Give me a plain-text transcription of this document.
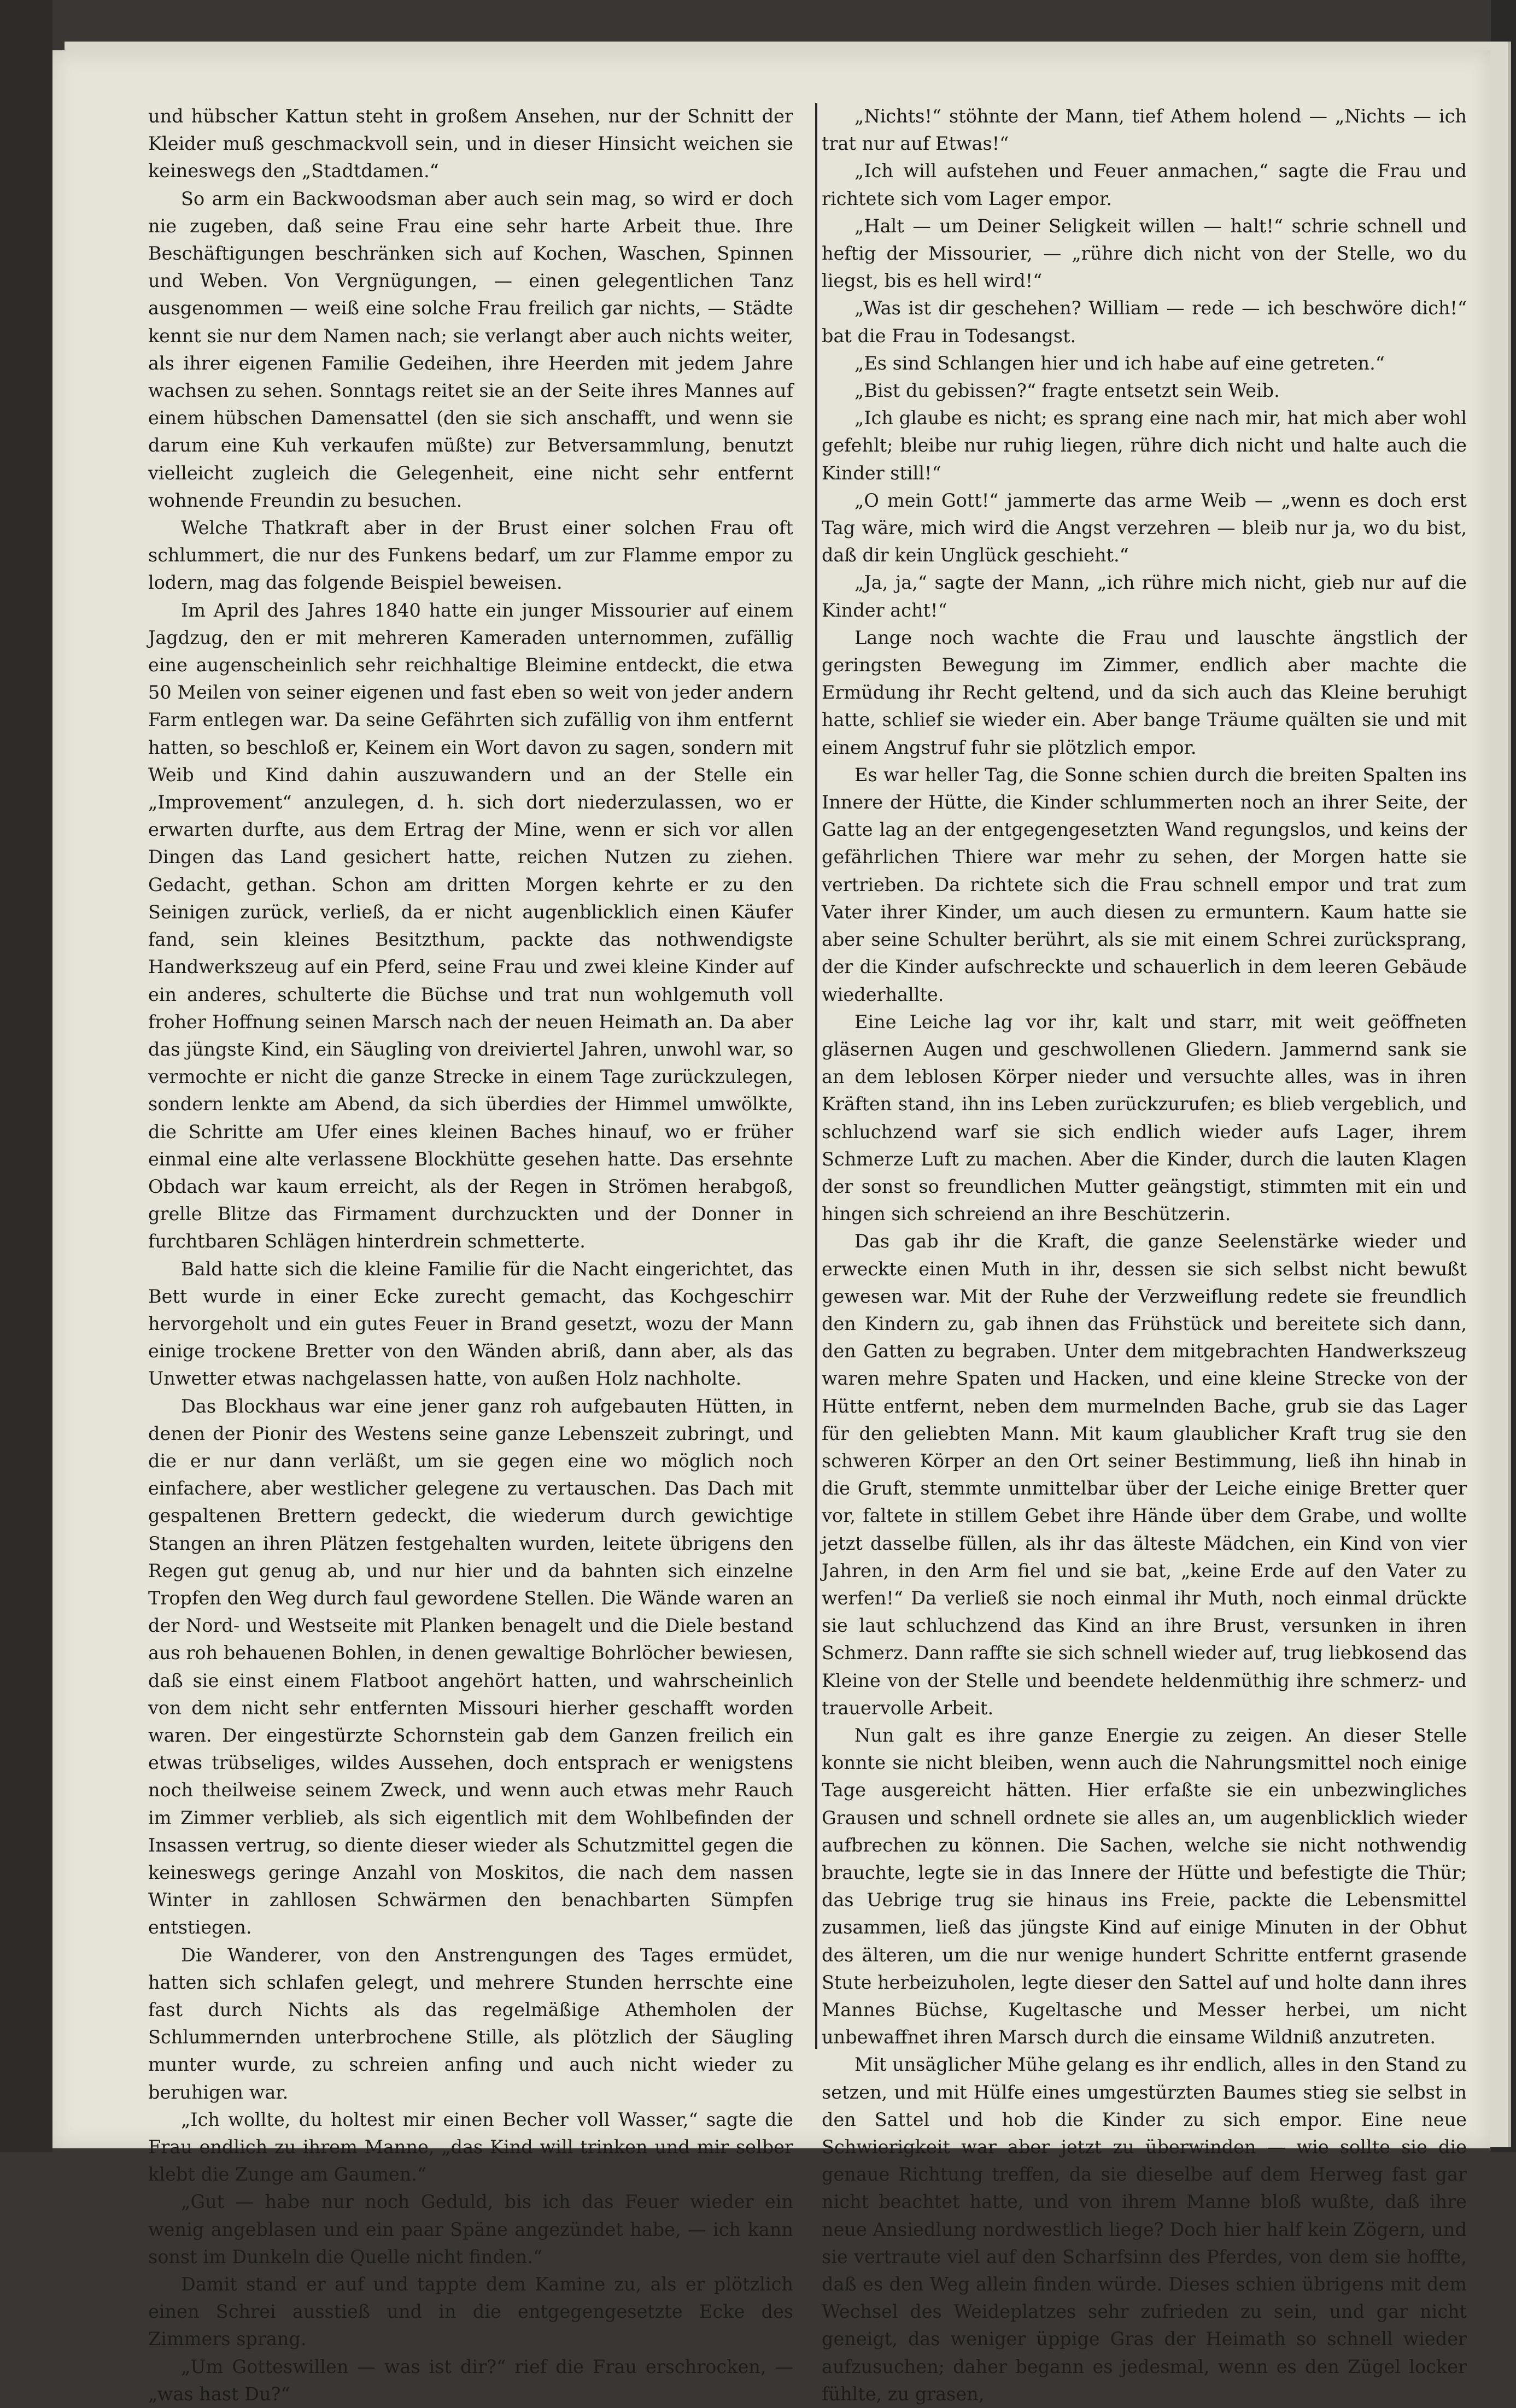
und hübscher Kattun steht in großem Ansehen, nur der Schnitt der Kleider muß geschmackvoll sein, und in dieser Hinsicht weichen sie keineswegs den „Stadtdamen.“

So arm ein Backwoodsman aber auch sein mag, so wird er doch nie zugeben, daß seine Frau eine sehr harte Arbeit thue. Ihre Beschäftigungen beschränken sich auf Kochen, Waschen, Spinnen und Weben. Von Vergnügungen, — einen gelegentlichen Tanz ausgenommen — weiß eine solche Frau freilich gar nichts, — Städte kennt sie nur dem Namen nach; sie verlangt aber auch nichts weiter, als ihrer eigenen Familie Gedeihen, ihre Heerden mit jedem Jahre wachsen zu sehen. Sonntags reitet sie an der Seite ihres Mannes auf einem hübschen Damensattel (den sie sich anschafft, und wenn sie darum eine Kuh verkaufen müßte) zur Betversammlung, benutzt vielleicht zugleich die Gelegenheit, eine nicht sehr entfernt wohnende Freundin zu besuchen.

Welche Thatkraft aber in der Brust einer solchen Frau oft schlummert, die nur des Funkens bedarf, um zur Flamme empor zu lodern, mag das folgende Beispiel beweisen.

Im April des Jahres 1840 hatte ein junger Missourier auf einem Jagdzug, den er mit mehreren Kameraden unternommen, zufällig eine augenscheinlich sehr reichhaltige Bleimine entdeckt, die etwa 50 Meilen von seiner eigenen und fast eben so weit von jeder andern Farm entlegen war. Da seine Gefährten sich zufällig von ihm entfernt hatten, so beschloß er, Keinem ein Wort davon zu sagen, sondern mit Weib und Kind dahin auszuwandern und an der Stelle ein „Improvement“ anzulegen, d. h. sich dort niederzulassen, wo er erwarten durfte, aus dem Ertrag der Mine, wenn er sich vor allen Dingen das Land gesichert hatte, reichen Nutzen zu ziehen. Gedacht, gethan. Schon am dritten Morgen kehrte er zu den Seinigen zurück, verließ, da er nicht augenblicklich einen Käufer fand, sein kleines Besitzthum, packte das nothwendigste Handwerkszeug auf ein Pferd, seine Frau und zwei kleine Kinder auf ein anderes, schulterte die Büchse und trat nun wohlgemuth voll froher Hoffnung seinen Marsch nach der neuen Heimath an. Da aber das jüngste Kind, ein Säugling von dreiviertel Jahren, unwohl war, so vermochte er nicht die ganze Strecke in einem Tage zurückzulegen, sondern lenkte am Abend, da sich überdies der Himmel umwölkte, die Schritte am Ufer eines kleinen Baches hinauf, wo er früher einmal eine alte verlassene Blockhütte gesehen hatte. Das ersehnte Obdach war kaum erreicht, als der Regen in Strömen herabgoß, grelle Blitze das Firmament durchzuckten und der Donner in furchtbaren Schlägen hinterdrein schmetterte.

Bald hatte sich die kleine Familie für die Nacht eingerichtet, das Bett wurde in einer Ecke zurecht gemacht, das Kochgeschirr hervorgeholt und ein gutes Feuer in Brand gesetzt, wozu der Mann einige trockene Bretter von den Wänden abriß, dann aber, als das Unwetter etwas nachgelassen hatte, von außen Holz nachholte.

Das Blockhaus war eine jener ganz roh aufgebauten Hütten, in denen der Pionir des Westens seine ganze Lebenszeit zubringt, und die er nur dann verläßt, um sie gegen eine wo möglich noch einfachere, aber westlicher gelegene zu vertauschen. Das Dach mit gespaltenen Brettern gedeckt, die wiederum durch gewichtige Stangen an ihren Plätzen festgehalten wurden, leitete übrigens den Regen gut genug ab, und nur hier und da bahnten sich einzelne Tropfen den Weg durch faul gewordene Stellen. Die Wände waren an der Nord- und Westseite mit Planken benagelt und die Diele bestand aus roh behauenen Bohlen, in denen gewaltige Bohrlöcher bewiesen, daß sie einst einem Flatboot angehört hatten, und wahrscheinlich von dem nicht sehr entfernten Missouri hierher geschafft worden waren. Der eingestürzte Schornstein gab dem Ganzen freilich ein etwas trübseliges, wildes Aussehen, doch entsprach er wenigstens noch theilweise seinem Zweck, und wenn auch etwas mehr Rauch im Zimmer verblieb, als sich eigentlich mit dem Wohlbefinden der Insassen vertrug, so diente dieser wieder als Schutzmittel gegen die keineswegs geringe Anzahl von Moskitos, die nach dem nassen Winter in zahllosen Schwärmen den benachbarten Sümpfen entstiegen.

Die Wanderer, von den Anstrengungen des Tages ermüdet, hatten sich schlafen gelegt, und mehrere Stunden herrschte eine fast durch Nichts als das regelmäßige Athemholen der Schlummernden unterbrochene Stille, als plötzlich der Säugling munter wurde, zu schreien anfing und auch nicht wieder zu beruhigen war.

„Ich wollte, du holtest mir einen Becher voll Wasser,“ sagte die Frau endlich zu ihrem Manne, „das Kind will trinken und mir selber klebt die Zunge am Gaumen.“

„Gut — habe nur noch Geduld, bis ich das Feuer wieder ein wenig angeblasen und ein paar Späne angezündet habe, — ich kann sonst im Dunkeln die Quelle nicht finden.“

Damit stand er auf und tappte dem Kamine zu, als er plötzlich einen Schrei ausstieß und in die entgegengesetzte Ecke des Zimmers sprang.

„Um Gotteswillen — was ist dir?“ rief die Frau erschrocken, — „was hast Du?“

„Nichts!“ stöhnte der Mann, tief Athem holend — „Nichts — ich trat nur auf Etwas!“

„Ich will aufstehen und Feuer anmachen,“ sagte die Frau und richtete sich vom Lager empor.

„Halt — um Deiner Seligkeit willen — halt!“ schrie schnell und heftig der Missourier, — „rühre dich nicht von der Stelle, wo du liegst, bis es hell wird!“

„Was ist dir geschehen? William — rede — ich beschwöre dich!“ bat die Frau in Todesangst.

„Es sind Schlangen hier und ich habe auf eine getreten.“

„Bist du gebissen?“ fragte entsetzt sein Weib.

„Ich glaube es nicht; es sprang eine nach mir, hat mich aber wohl gefehlt; bleibe nur ruhig liegen, rühre dich nicht und halte auch die Kinder still!“

„O mein Gott!“ jammerte das arme Weib — „wenn es doch erst Tag wäre, mich wird die Angst verzehren — bleib nur ja, wo du bist, daß dir kein Unglück geschieht.“

„Ja, ja,“ sagte der Mann, „ich rühre mich nicht, gieb nur auf die Kinder acht!“

Lange noch wachte die Frau und lauschte ängstlich der geringsten Bewegung im Zimmer, endlich aber machte die Ermüdung ihr Recht geltend, und da sich auch das Kleine beruhigt hatte, schlief sie wieder ein. Aber bange Träume quälten sie und mit einem Angstruf fuhr sie plötzlich empor.

Es war heller Tag, die Sonne schien durch die breiten Spalten ins Innere der Hütte, die Kinder schlummerten noch an ihrer Seite, der Gatte lag an der entgegengesetzten Wand regungslos, und keins der gefährlichen Thiere war mehr zu sehen, der Morgen hatte sie vertrieben. Da richtete sich die Frau schnell empor und trat zum Vater ihrer Kinder, um auch diesen zu ermuntern. Kaum hatte sie aber seine Schulter berührt, als sie mit einem Schrei zurücksprang, der die Kinder aufschreckte und schauerlich in dem leeren Gebäude wiederhallte.

Eine Leiche lag vor ihr, kalt und starr, mit weit geöffneten gläsernen Augen und geschwollenen Gliedern. Jammernd sank sie an dem leblosen Körper nieder und versuchte alles, was in ihren Kräften stand, ihn ins Leben zurückzurufen; es blieb vergeblich, und schluchzend warf sie sich endlich wieder aufs Lager, ihrem Schmerze Luft zu machen. Aber die Kinder, durch die lauten Klagen der sonst so freundlichen Mutter geängstigt, stimmten mit ein und hingen sich schreiend an ihre Beschützerin.

Das gab ihr die Kraft, die ganze Seelenstärke wieder und erweckte einen Muth in ihr, dessen sie sich selbst nicht bewußt gewesen war. Mit der Ruhe der Verzweiflung redete sie freundlich den Kindern zu, gab ihnen das Frühstück und bereitete sich dann, den Gatten zu begraben. Unter dem mitgebrachten Handwerkszeug waren mehre Spaten und Hacken, und eine kleine Strecke von der Hütte entfernt, neben dem murmelnden Bache, grub sie das Lager für den geliebten Mann. Mit kaum glaublicher Kraft trug sie den schweren Körper an den Ort seiner Bestimmung, ließ ihn hinab in die Gruft, stemmte unmittelbar über der Leiche einige Bretter quer vor, faltete in stillem Gebet ihre Hände über dem Grabe, und wollte jetzt dasselbe füllen, als ihr das älteste Mädchen, ein Kind von vier Jahren, in den Arm fiel und sie bat, „keine Erde auf den Vater zu werfen!“ Da verließ sie noch einmal ihr Muth, noch einmal drückte sie laut schluchzend das Kind an ihre Brust, versunken in ihren Schmerz. Dann raffte sie sich schnell wieder auf, trug liebkosend das Kleine von der Stelle und beendete heldenmüthig ihre schmerz- und trauervolle Arbeit.

Nun galt es ihre ganze Energie zu zeigen. An dieser Stelle konnte sie nicht bleiben, wenn auch die Nahrungsmittel noch einige Tage ausgereicht hätten. Hier erfaßte sie ein unbezwingliches Grausen und schnell ordnete sie alles an, um augenblicklich wieder aufbrechen zu können. Die Sachen, welche sie nicht nothwendig brauchte, legte sie in das Innere der Hütte und befestigte die Thür; das Uebrige trug sie hinaus ins Freie, packte die Lebensmittel zusammen, ließ das jüngste Kind auf einige Minuten in der Obhut des älteren, um die nur wenige hundert Schritte entfernt grasende Stute herbeizuholen, legte dieser den Sattel auf und holte dann ihres Mannes Büchse, Kugeltasche und Messer herbei, um nicht unbewaffnet ihren Marsch durch die einsame Wildniß anzutreten.

Mit unsäglicher Mühe gelang es ihr endlich, alles in den Stand zu setzen, und mit Hülfe eines umgestürzten Baumes stieg sie selbst in den Sattel und hob die Kinder zu sich empor. Eine neue Schwierigkeit war aber jetzt zu überwinden — wie sollte sie die genaue Richtung treffen, da sie dieselbe auf dem Herweg fast gar nicht beachtet hatte, und von ihrem Manne bloß wußte, daß ihre neue Ansiedlung nordwestlich liege? Doch hier half kein Zögern, und sie vertraute viel auf den Scharfsinn des Pferdes, von dem sie hoffte, daß es den Weg allein finden würde. Dieses schien übrigens mit dem Wechsel des Weideplatzes sehr zufrieden zu sein, und gar nicht geneigt, das weniger üppige Gras der Heimath so schnell wieder aufzusuchen; daher begann es jedesmal, wenn es den Zügel locker fühlte, zu grasen,
